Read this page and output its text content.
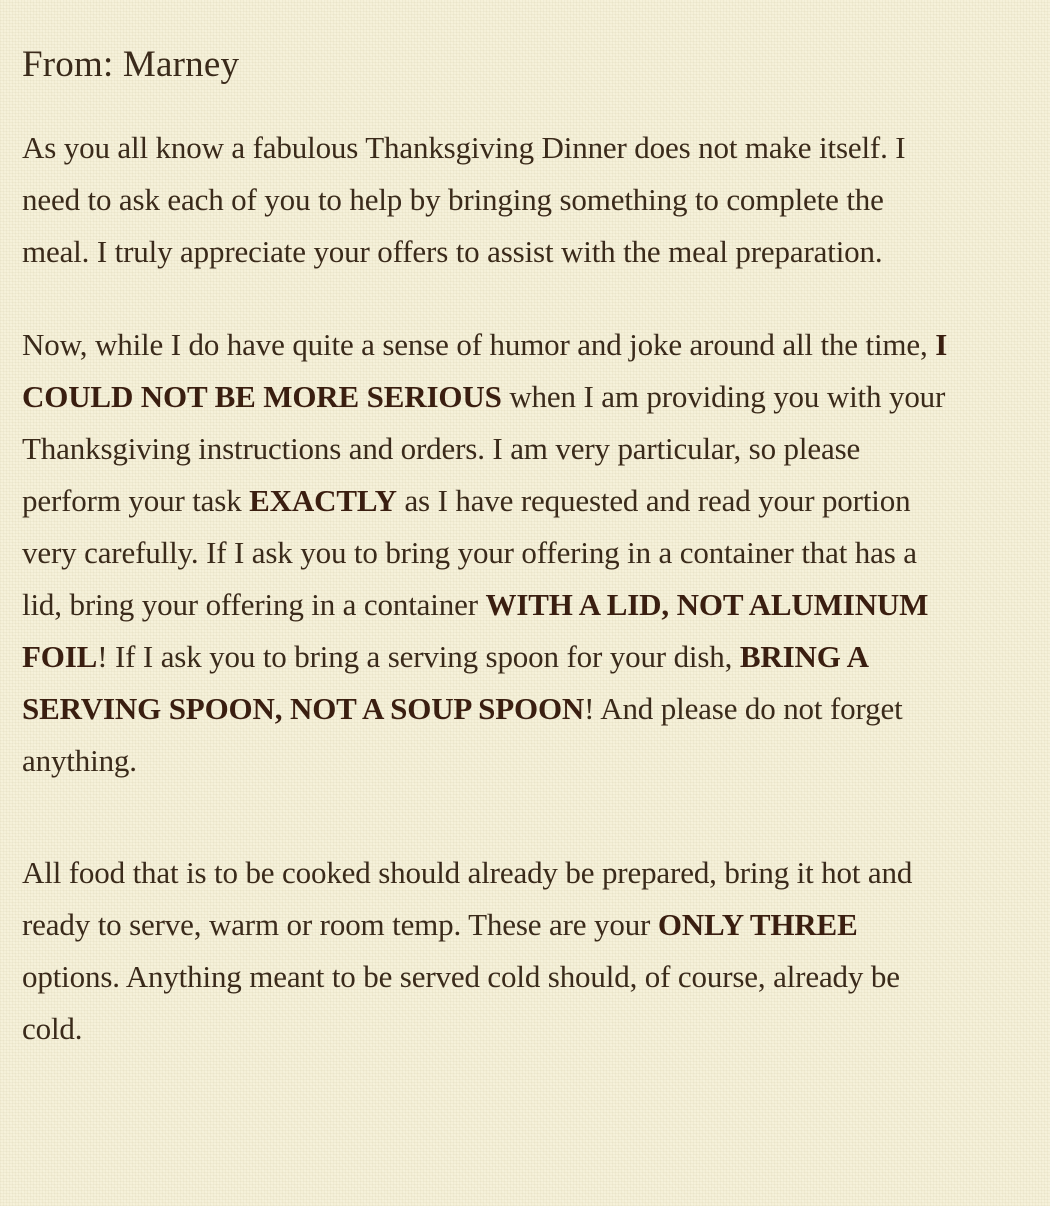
From: Marney

As you all know a fabulous Thanksgiving Dinner does not make itself. I need to ask each of you to help by bringing something to complete the meal. I truly appreciate your offers to assist with the meal preparation.

Now, while I do have quite a sense of humor and joke around all the time, I COULD NOT BE MORE SERIOUS when I am providing you with your Thanksgiving instructions and orders. I am very particular, so please perform your task EXACTLY as I have requested and read your portion very carefully. If I ask you to bring your offering in a container that has a lid, bring your offering in a container WITH A LID, NOT ALUMINUM FOIL! If I ask you to bring a serving spoon for your dish, BRING A SERVING SPOON, NOT A SOUP SPOON! And please do not forget anything.

All food that is to be cooked should already be prepared, bring it hot and ready to serve, warm or room temp. These are your ONLY THREE options. Anything meant to be served cold should, of course, already be cold.
